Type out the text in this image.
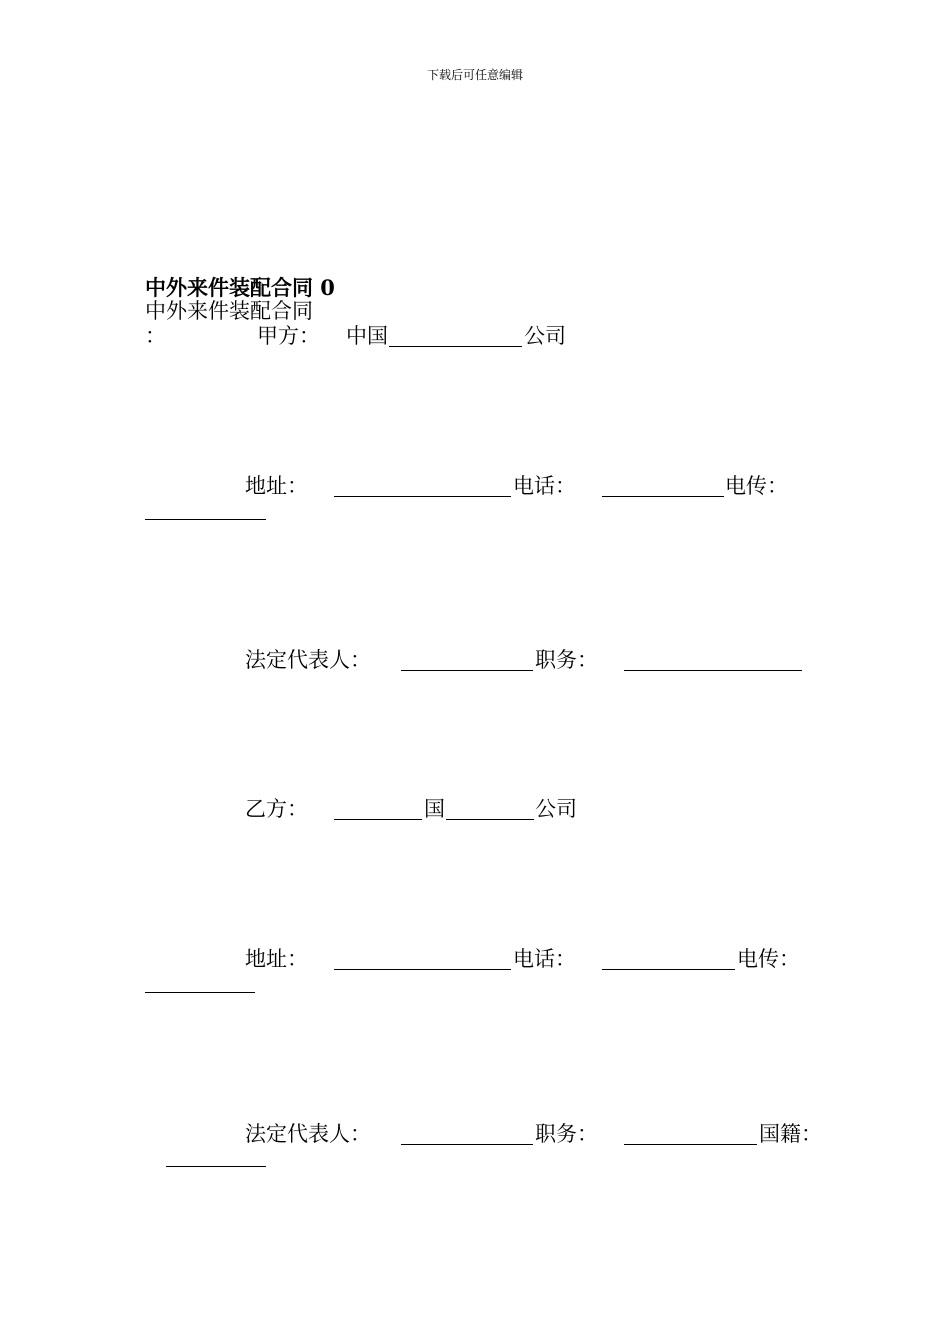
下载后可任意编辑
中外来件装配合同 0
中外来件装配合同
：	甲方： 中国	公司
地址：	电话：	电传：
法定代表人：	职务：
乙方：	国	公司
地址：	电话：	电传：
法定代表人：	职务：	国籍：
